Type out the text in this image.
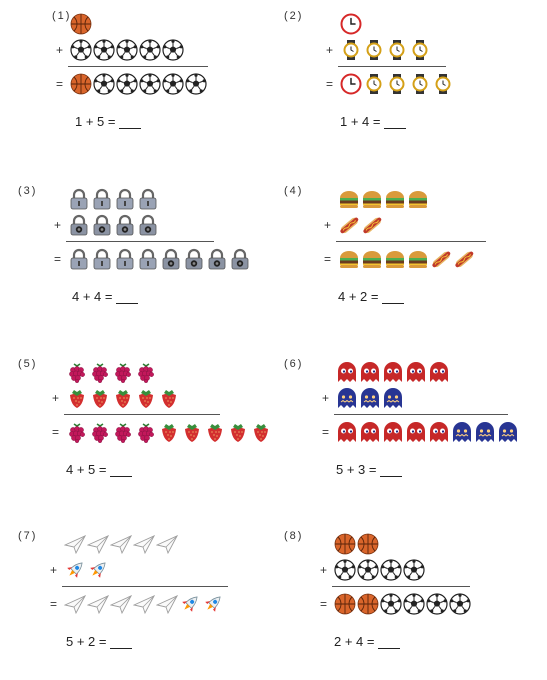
(1)
+
=
1 + 5 =
(2)
+
=
1 + 4 =
(3)
+
=
4 + 4 =
(4)
+
=
4 + 2 =
(5)
+
=
4 + 5 =
(6)
+
=
5 + 3 =
(7)
+
=
5 + 2 =
(8)
+
=
2 + 4 =
